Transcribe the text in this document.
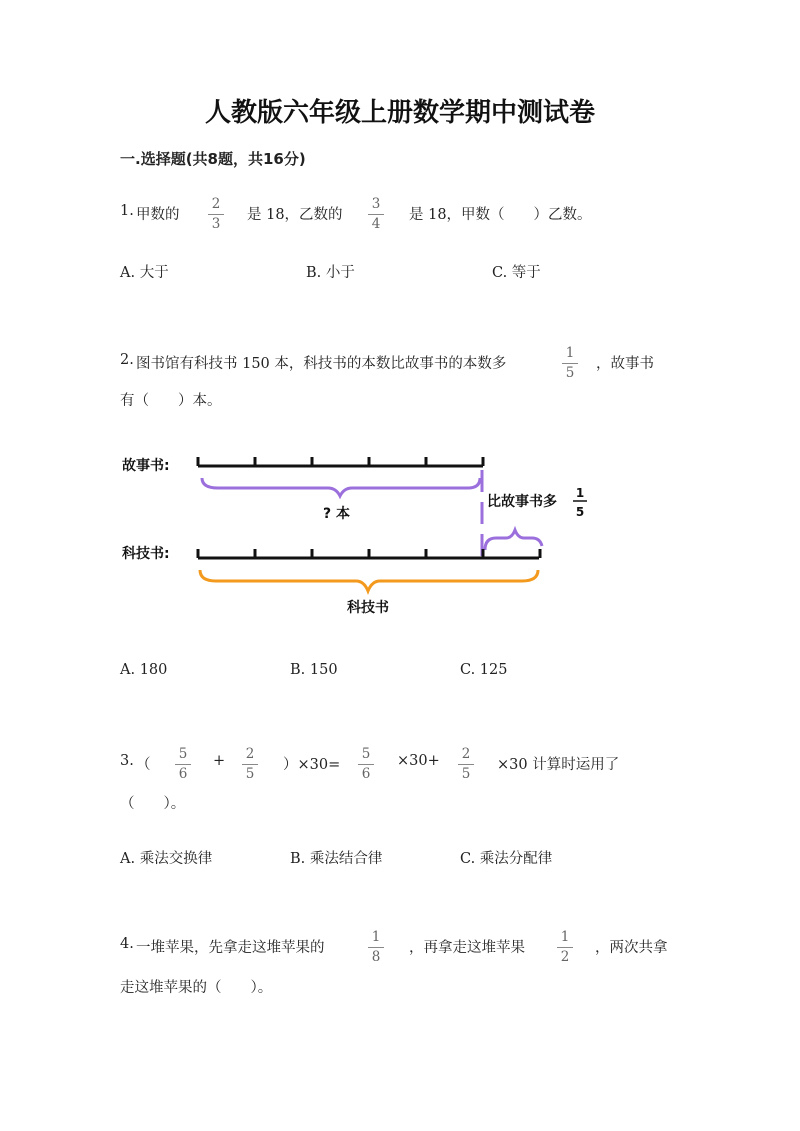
人教版六年级上册数学期中测试卷
一.选择题(共8题，共16分)
1. 甲数的
2
3
是 18，乙数的
3
4
是 18，甲数（　　）乙数。
A. 大于	B. 小于	C. 等于
2. 图书馆有科技书 150 本，科技书的本数比故事书的本数多
1
5
，故事书
有（　　）本。
故事书:
? 本
比故事书多
1
5
科技书:
科技书
A. 180	B. 150	C. 125
3. （
5
6
+ 2
5
）×30=
5
6
×30+ 2
5
×30 计算时运用了
（　　）。
A. 乘法交换律	B. 乘法结合律	C. 乘法分配律
4. 一堆苹果，先拿走这堆苹果的
1
8
，再拿走这堆苹果
1
2
，两次共拿
走这堆苹果的（　　）。
